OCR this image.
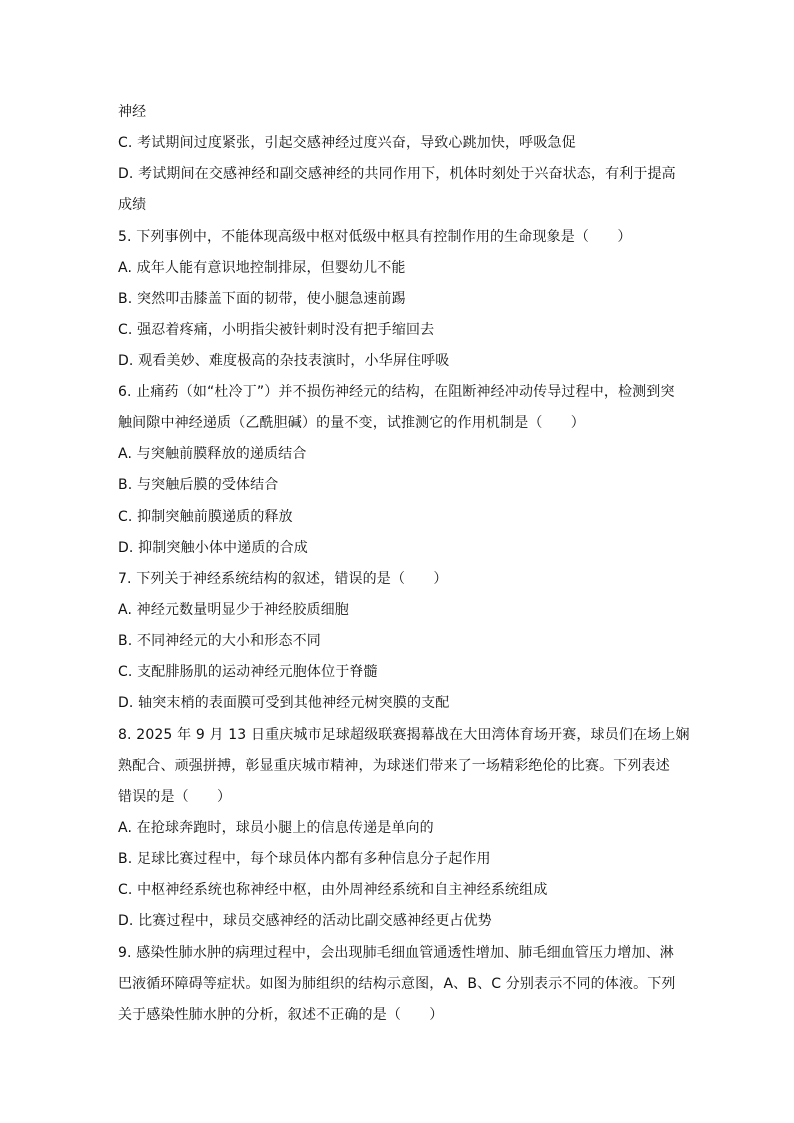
神经
C. 考试期间过度紧张，引起交感神经过度兴奋，导致心跳加快，呼吸急促
D. 考试期间在交感神经和副交感神经的共同作用下，机体时刻处于兴奋状态，有利于提高
成绩
5. 下列事例中，不能体现高级中枢对低级中枢具有控制作用的生命现象是（　　）
A. 成年人能有意识地控制排尿，但婴幼儿不能
B. 突然叩击膝盖下面的韧带，使小腿急速前踢
C. 强忍着疼痛，小明指尖被针刺时没有把手缩回去
D. 观看美妙、难度极高的杂技表演时，小华屏住呼吸
6. 止痛药（如“杜冷丁”）并不损伤神经元的结构，在阻断神经冲动传导过程中，检测到突
触间隙中神经递质（乙酰胆碱）的量不变，试推测它的作用机制是（　　）
A. 与突触前膜释放的递质结合
B. 与突触后膜的受体结合
C. 抑制突触前膜递质的释放
D. 抑制突触小体中递质的合成
7. 下列关于神经系统结构的叙述，错误的是（　　）
A. 神经元数量明显少于神经胶质细胞
B. 不同神经元的大小和形态不同
C. 支配腓肠肌的运动神经元胞体位于脊髓
D. 轴突末梢的表面膜可受到其他神经元树突膜的支配
8. 2025 年 9 月 13 日重庆城市足球超级联赛揭幕战在大田湾体育场开赛，球员们在场上娴
熟配合、顽强拼搏，彰显重庆城市精神，为球迷们带来了一场精彩绝伦的比赛。下列表述
错误的是（　　）
A. 在抢球奔跑时，球员小腿上的信息传递是单向的
B. 足球比赛过程中，每个球员体内都有多种信息分子起作用
C. 中枢神经系统也称神经中枢，由外周神经系统和自主神经系统组成
D. 比赛过程中，球员交感神经的活动比副交感神经更占优势
9. 感染性肺水肿的病理过程中，会出现肺毛细血管通透性增加、肺毛细血管压力增加、淋
巴液循环障碍等症状。如图为肺组织的结构示意图，A、B、C 分别表示不同的体液。下列
关于感染性肺水肿的分析，叙述不正确的是（　　）
